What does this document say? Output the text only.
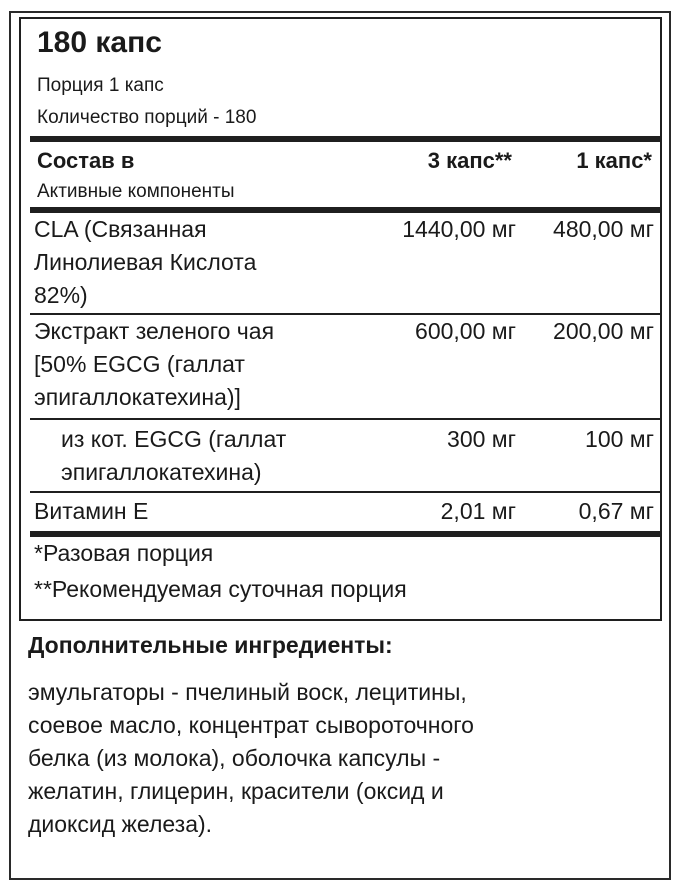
180 капс
Порция 1 капс
Количество порций - 180
Состав в	3 капс**	1 капс*
Активные компоненты
CLA (Связанная
Линолиевая Кислота
82%)
1440,00 мг 480,00 мг
Экстракт зеленого чая
[50% EGCG (галлат
эпигаллокатехина)]
600,00 мг 200,00 мг
из кот. EGCG (галлат
эпигаллокатехина)
300 мг	100 мг
Витамин Е	2,01 мг	0,67 мг
*Разовая порция
**Рекомендуемая суточная порция
Дополнительные ингредиенты:
эмульгаторы - пчелиный воск, лецитины,
соевое масло, концентрат сывороточного
белка (из молока), оболочка капсулы -
желатин, глицерин, красители (оксид и
диоксид железа).
